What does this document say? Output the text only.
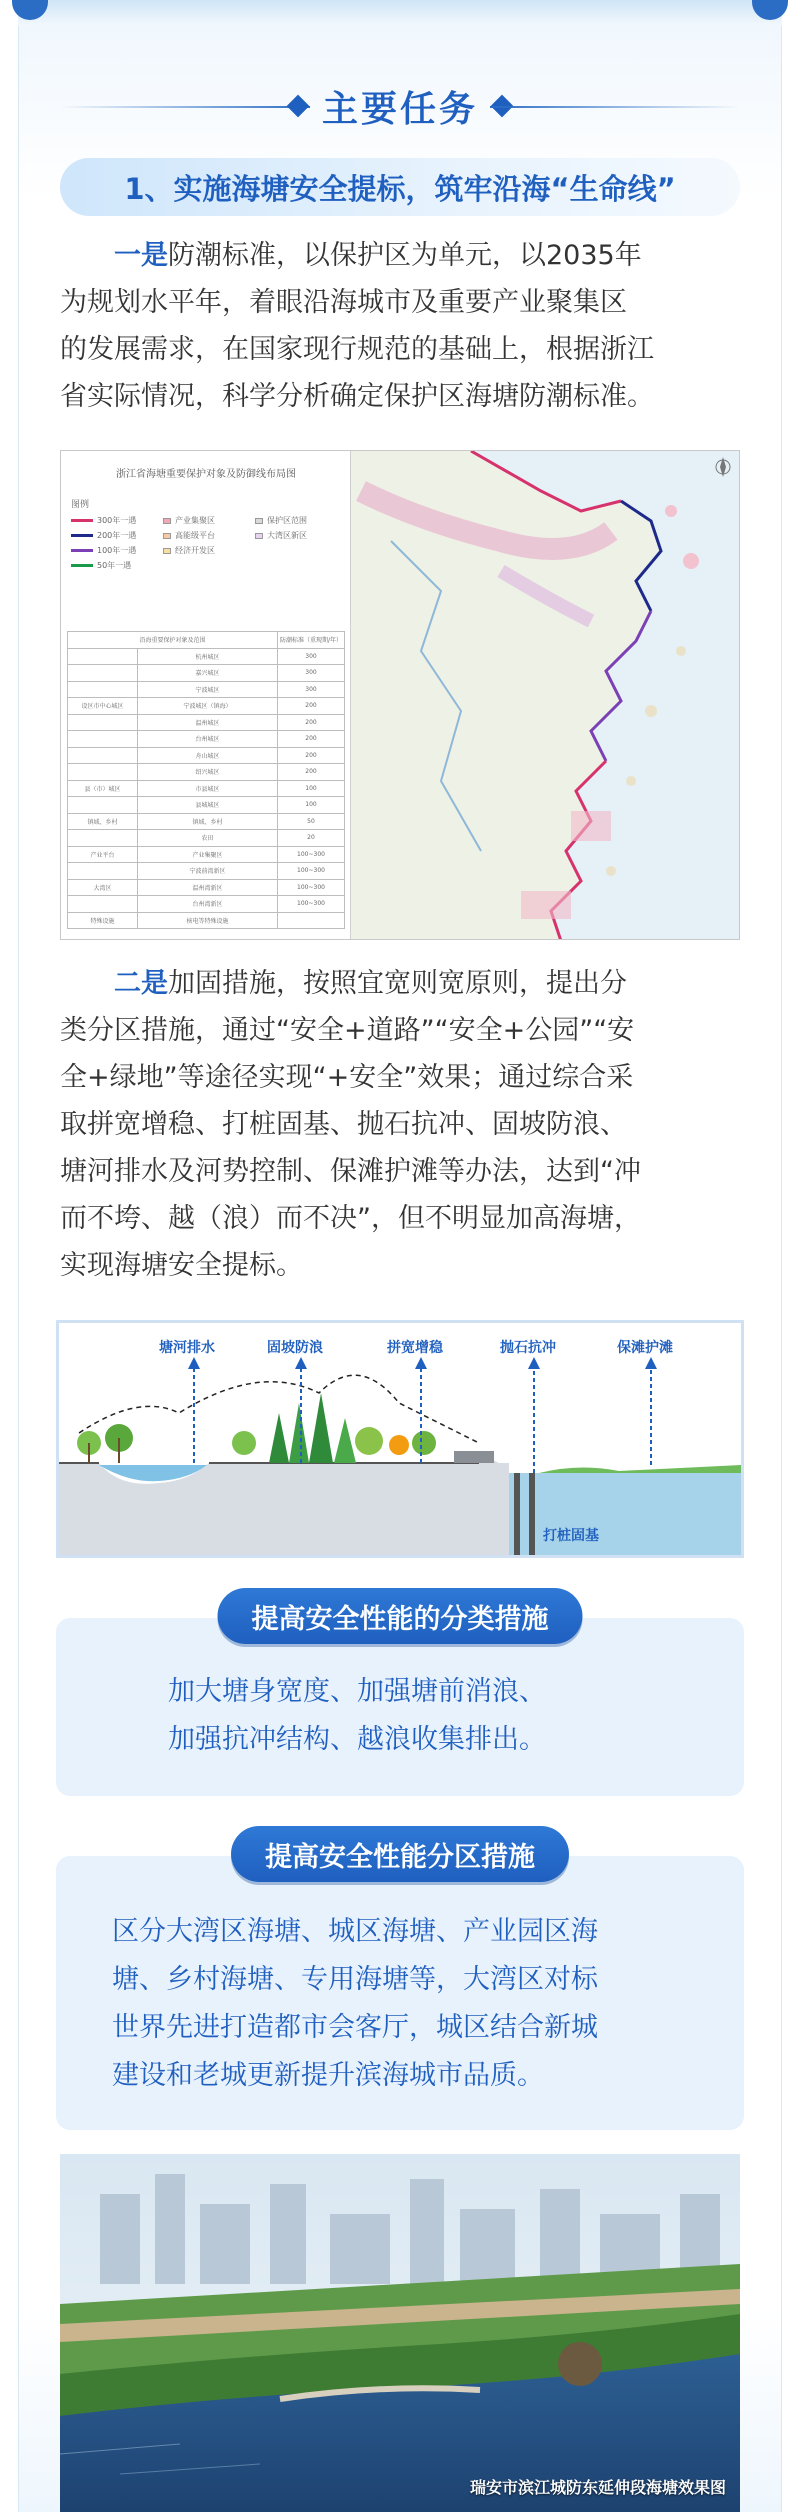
主要任务
1、实施海塘安全提标，筑牢沿海“生命线”
一是防潮标准，以保护区为单元，以2035年
为规划水平年，着眼沿海城市及重要产业聚集区
的发展需求，在国家现行规范的基础上，根据浙江
省实际情况，科学分析确定保护区海塘防潮标准。
浙江省海塘重要保护对象及防御线布局图
图例
300年一遇
200年一遇
100年一遇
50年一遇
产业集聚区
高能级平台
经济开发区
保护区范围
大湾区新区
沿海重要保护对象及范围		防潮标准（重现期/年）
	杭州城区	300
	嘉兴城区	300
	宁波城区	300
设区市中心城区	宁波城区（镇海）	200
	温州城区	200
	台州城区	200
	舟山城区	200
	绍兴城区	200
县（市）城区	市县城区	100
	县城城区	100
镇域、乡村	镇域、乡村	50
	农田	20
产业平台	产业集聚区	100~300
	宁波前湾新区	100~300
大湾区	温州湾新区	100~300
	台州湾新区	100~300
特殊设施	核电等特殊设施	
二是加固措施，按照宜宽则宽原则，提出分
类分区措施，通过“安全+道路”“安全+公园”“安
全+绿地”等途径实现“+安全”效果；通过综合采
取拼宽增稳、打桩固基、抛石抗冲、固坡防浪、
塘河排水及河势控制、保滩护滩等办法，达到“冲
而不垮、越（浪）而不决”，但不明显加高海塘，
实现海塘安全提标。
塘河排水	固坡防浪	拼宽增稳	抛石抗冲	保滩护滩
打桩固基
提高安全性能的分类措施
加大塘身宽度、加强塘前消浪、
加强抗冲结构、越浪收集排出。
提高安全性能分区措施
区分大湾区海塘、城区海塘、产业园区海
塘、乡村海塘、专用海塘等，大湾区对标
世界先进打造都市会客厅，城区结合新城
建设和老城更新提升滨海城市品质。
瑞安市滨江城防东延伸段海塘效果图
